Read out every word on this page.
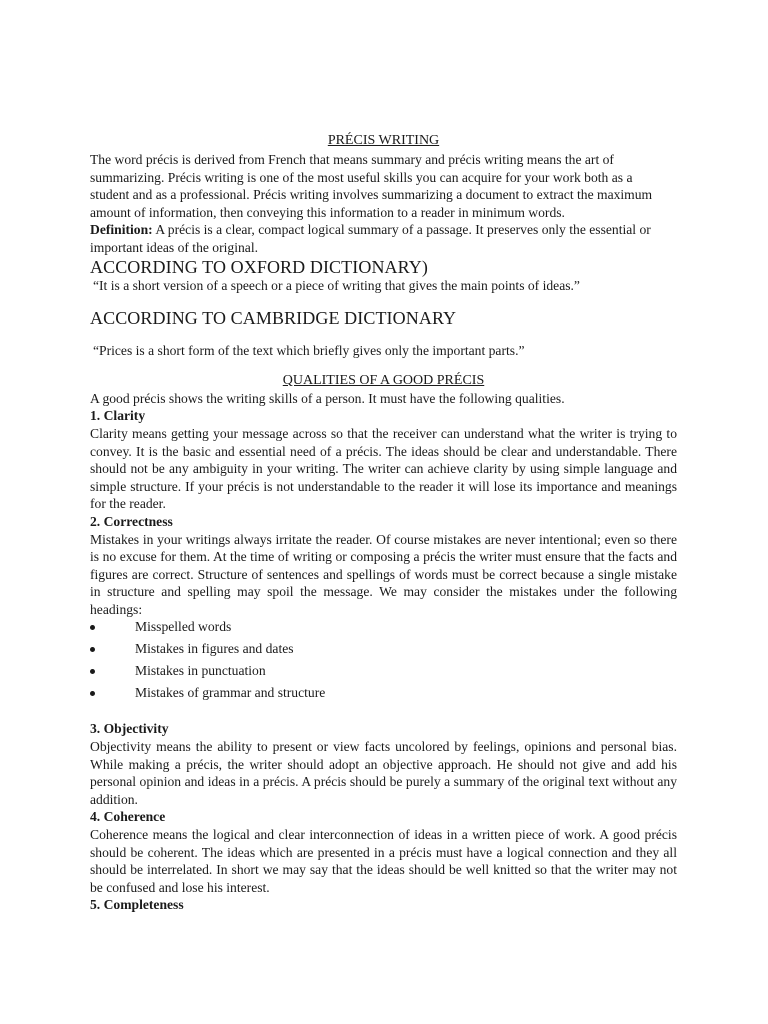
PRÉCIS WRITING

The word précis is derived from French that means summary and précis writing means the art of summarizing. Précis writing is one of the most useful skills you can acquire for your work both as a student and as a professional. Précis writing involves summarizing a document to extract the maximum amount of information, then conveying this information to a reader in minimum words.

Definition: A précis is a clear, compact logical summary of a passage. It preserves only the essential or important ideas of the original.

ACCORDING TO OXFORD DICTIONARY)

“It is a short version of a speech or a piece of writing that gives the main points of ideas.”

ACCORDING TO CAMBRIDGE DICTIONARY

“Prices is a short form of the text which briefly gives only the important parts.”

QUALITIES OF A GOOD PRÉCIS

A good précis shows the writing skills of a person. It must have the following qualities.

1. Clarity

Clarity means getting your message across so that the receiver can understand what the writer is trying to convey. It is the basic and essential need of a précis. The ideas should be clear and understandable. There should not be any ambiguity in your writing. The writer can achieve clarity by using simple language and simple structure. If your précis is not understandable to the reader it will lose its importance and meanings for the reader.

2. Correctness

Mistakes in your writings always irritate the reader. Of course mistakes are never intentional; even so there is no excuse for them. At the time of writing or composing a précis the writer must ensure that the facts and figures are correct. Structure of sentences and spellings of words must be correct because a single mistake in structure and spelling may spoil the message. We may consider the mistakes under the following headings:

Misspelled words
Mistakes in figures and dates
Mistakes in punctuation
Mistakes of grammar and structure

3. Objectivity

Objectivity means the ability to present or view facts uncolored by feelings, opinions and personal bias. While making a précis, the writer should adopt an objective approach. He should not give and add his personal opinion and ideas in a précis. A précis should be purely a summary of the original text without any addition.

4. Coherence

Coherence means the logical and clear interconnection of ideas in a written piece of work. A good précis should be coherent. The ideas which are presented in a précis must have a logical connection and they all should be interrelated. In short we may say that the ideas should be well knitted so that the writer may not be confused and lose his interest.

5. Completeness
